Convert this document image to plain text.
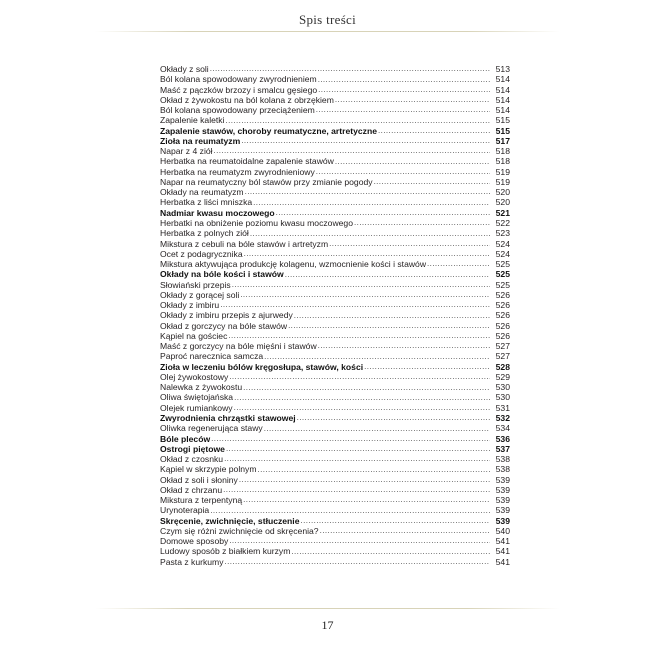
Spis treści
Okłady z soli .....	513
Ból kolana spowodowany zwyrodnieniem .....	514
Maść z pączków brzozy i smalcu gęsiego .....	514
Okład z żywokostu na ból kolana z obrzękiem .....	514
Ból kolana spowodowany przeciążeniem .....	514
Zapalenie kaletki .....	515
Zapalenie stawów, choroby reumatyczne, artretyczne .....	515
Zioła na reumatyzm .....	517
Napar z 4 ziół .....	518
Herbatka na reumatoidalne zapalenie stawów .....	518
Herbatka na reumatyzm zwyrodnieniowy .....	519
Napar na reumatyczny ból stawów przy zmianie pogody .....	519
Okłady na reumatyzm .....	520
Herbatka z liści mniszka .....	520
Nadmiar kwasu moczowego .....	521
Herbatki na obniżenie poziomu kwasu moczowego .....	522
Herbatka z polnych ziół .....	523
Mikstura z cebuli na bóle stawów i artretyzm .....	524
Ocet z podagrycznika .....	524
Mikstura aktywująca produkcję kolagenu, wzmocnienie kości i stawów .....	525
Okłady na bóle kości i stawów .....	525
Słowiański przepis .....	525
Okłady z gorącej soli .....	526
Okłady z imbiru .....	526
Okłady z imbiru przepis z ajurwedy .....	526
Okład z gorczycy na bóle stawów .....	526
Kąpiel na gościec .....	526
Maść z gorczycy na bóle mięśni i stawów .....	527
Paproć narecznica samcza .....	527
Zioła w leczeniu bólów kręgosłupa, stawów, kości .....	528
Olej żywokostowy .....	529
Nalewka z żywokostu .....	530
Oliwa świętojańska .....	530
Olejek rumiankowy .....	531
Zwyrodnienia chrząstki stawowej .....	532
Oliwka regenerująca stawy .....	534
Bóle pleców .....	536
Ostrogi piętowe .....	537
Okład z czosnku .....	538
Kąpiel w skrzypie polnym .....	538
Okład z soli i słoniny .....	539
Okład z chrzanu .....	539
Mikstura z terpentyną .....	539
Urynoterapia .....	539
Skręcenie, zwichnięcie, stłuczenie .....	539
Czym się różni zwichnięcie od skręcenia? .....	540
Domowe sposoby .....	541
Ludowy sposób z białkiem kurzym .....	541
Pasta z kurkumy .....	541
17
